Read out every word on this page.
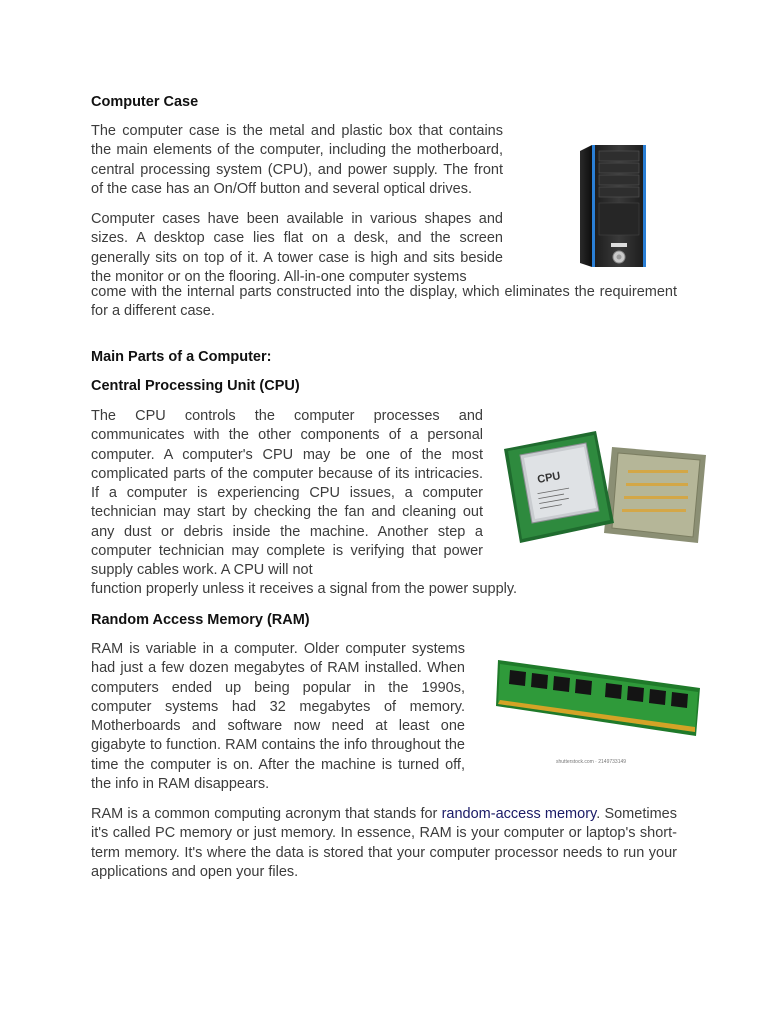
Computer Case

The computer case is the metal and plastic box that contains the main elements of the computer, including the motherboard, central processing system (CPU), and power supply. The front of the case has an On/Off button and several optical drives.

Computer cases have been available in various shapes and sizes. A desktop case lies flat on a desk, and the screen generally sits on top of it. A tower case is high and sits beside the monitor or on the flooring. All-in-one computer systems

come with the internal parts constructed into the display, which eliminates the requirement for a different case.

Main Parts of a Computer:
Central Processing Unit (CPU)

The CPU controls the computer processes and communicates with the other components of a personal computer. A computer's CPU may be one of the most complicated parts of the computer because of its intricacies. If a computer is experiencing CPU issues, a computer technician may start by checking the fan and cleaning out any dust or debris inside the machine. Another step a computer technician may complete is verifying that power supply cables work. A CPU will not

function properly unless it receives a signal from the power supply.

CPU
Random Access Memory (RAM)

RAM is variable in a computer. Older computer systems had just a few dozen megabytes of RAM installed. When computers ended up being popular in the 1990s, computer systems had 32 megabytes of memory. Motherboards and software now need at least one gigabyte to function. RAM contains the info throughout the time the computer is on. After the machine is turned off, the info in RAM disappears.

shutterstock.com · 2149733149

RAM is a common computing acronym that stands for random-access memory. Sometimes it's called PC memory or just memory. In essence, RAM is your computer or laptop's short-term memory. It's where the data is stored that your computer processor needs to run your applications and open your files.
